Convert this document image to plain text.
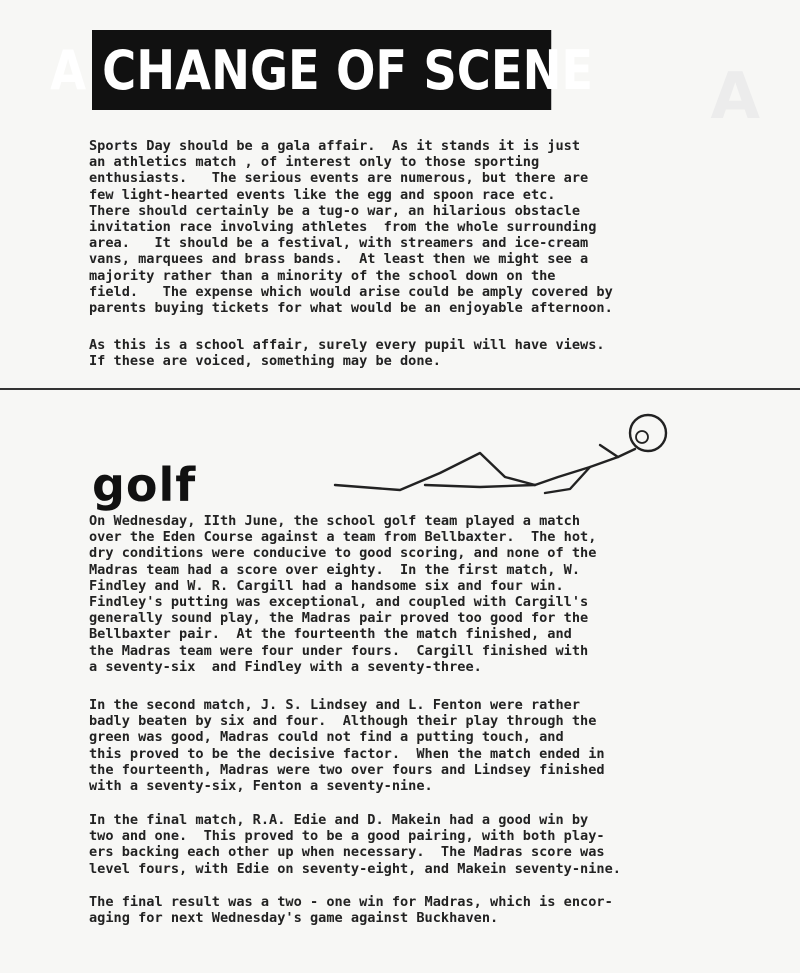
A
A CHANGE OF SCENE
Sports Day should be a gala affair.  As it stands it is just
an athletics match , of interest only to those sporting
enthusiasts.   The serious events are numerous, but there are
few light-hearted events like the egg and spoon race etc.
There should certainly be a tug-o war, an hilarious obstacle
invitation race involving athletes  from the whole surrounding
area.   It should be a festival, with streamers and ice-cream
vans, marquees and brass bands.  At least then we might see a
majority rather than a minority of the school down on the
field.   The expense which would arise could be amply covered by
parents buying tickets for what would be an enjoyable afternoon.
As this is a school affair, surely every pupil will have views.
If these are voiced, something may be done.
golf
On Wednesday, IIth June, the school golf team played a match
over the Eden Course against a team from Bellbaxter.  The hot,
dry conditions were conducive to good scoring, and none of the
Madras team had a score over eighty.  In the first match, W.
Findley and W. R. Cargill had a handsome six and four win.
Findley's putting was exceptional, and coupled with Cargill's
generally sound play, the Madras pair proved too good for the
Bellbaxter pair.  At the fourteenth the match finished, and
the Madras team were four under fours.  Cargill finished with
a seventy-six  and Findley with a seventy-three.
In the second match, J. S. Lindsey and L. Fenton were rather
badly beaten by six and four.  Although their play through the
green was good, Madras could not find a putting touch, and
this proved to be the decisive factor.  When the match ended in
the fourteenth, Madras were two over fours and Lindsey finished
with a seventy-six, Fenton a seventy-nine.
In the final match, R.A. Edie and D. Makein had a good win by
two and one.  This proved to be a good pairing, with both play-
ers backing each other up when necessary.  The Madras score was
level fours, with Edie on seventy-eight, and Makein seventy-nine.
The final result was a two - one win for Madras, which is encor-
aging for next Wednesday's game against Buckhaven.
